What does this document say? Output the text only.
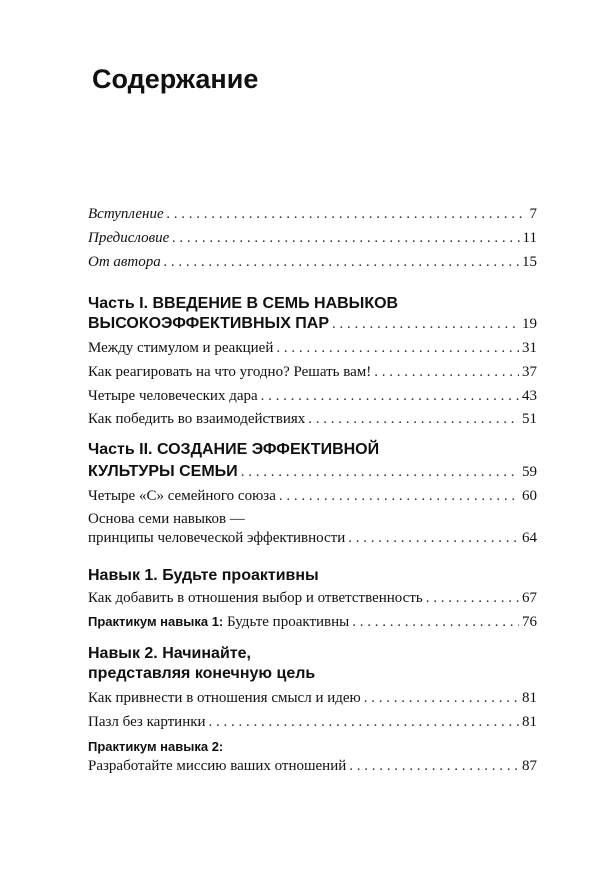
Содержание
Вступление . . .	7
Предисловие . . .	11
От автора . . .	15
Часть I. ВВЕДЕНИЕ В СЕМЬ НАВЫКОВ
ВЫСОКОЭФФЕКТИВНЫХ ПАР . . .	19
Между стимулом и реакцией . . .	31
Как реагировать на что угодно? Решать вам! . . .	37
Четыре человеческих дара . . .	43
Как победить во взаимодействиях . . .	51
Часть II. СОЗДАНИЕ ЭФФЕКТИВНОЙ
КУЛЬТУРЫ СЕМЬИ . . .	59
Четыре «С» семейного союза . . .	60
Основа семи навыков —
принципы человеческой эффективности . . .	64
Навык 1. Будьте проактивны
Как добавить в отношения выбор и ответственность . . .	67
Практикум навыка 1: Будьте проактивны . . .	76
Навык 2. Начинайте,
представляя конечную цель
Как привнести в отношения смысл и идею . . .	81
Пазл без картинки . . .	81
Практикум навыка 2:
Разработайте миссию ваших отношений . . .	87
